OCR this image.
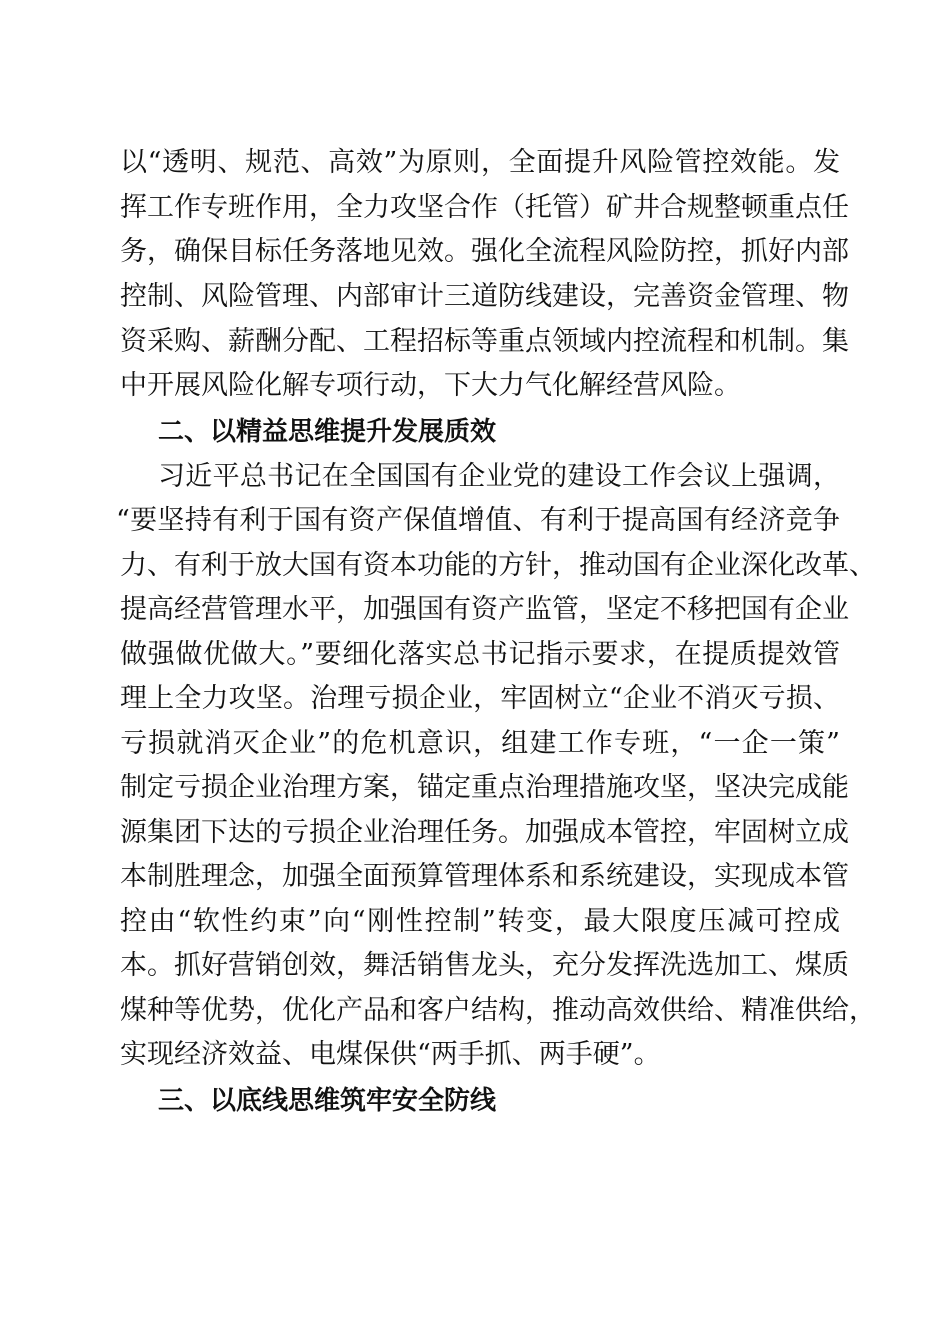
以“透明、规范、高效”为原则，全面提升风险管控效能。发
挥工作专班作用，全力攻坚合作（托管）矿井合规整顿重点任
务，确保目标任务落地见效。强化全流程风险防控，抓好内部
控制、风险管理、内部审计三道防线建设，完善资金管理、物
资采购、薪酬分配、工程招标等重点领域内控流程和机制。集
中开展风险化解专项行动，下大力气化解经营风险。
二、以精益思维提升发展质效
习近平总书记在全国国有企业党的建设工作会议上强调，
“要坚持有利于国有资产保值增值、有利于提高国有经济竞争
力、有利于放大国有资本功能的方针，推动国有企业深化改革、
提高经营管理水平，加强国有资产监管，坚定不移把国有企业
做强做优做大。”要细化落实总书记指示要求，在提质提效管
理上全力攻坚。治理亏损企业，牢固树立“企业不消灭亏损、
亏损就消灭企业”的危机意识，组建工作专班，“一企一策”
制定亏损企业治理方案，锚定重点治理措施攻坚，坚决完成能
源集团下达的亏损企业治理任务。加强成本管控，牢固树立成
本制胜理念，加强全面预算管理体系和系统建设，实现成本管
控由“软性约束”向“刚性控制”转变，最大限度压减可控成
本。抓好营销创效，舞活销售龙头，充分发挥洗选加工、煤质
煤种等优势，优化产品和客户结构，推动高效供给、精准供给，
实现经济效益、电煤保供“两手抓、两手硬”。
三、以底线思维筑牢安全防线
